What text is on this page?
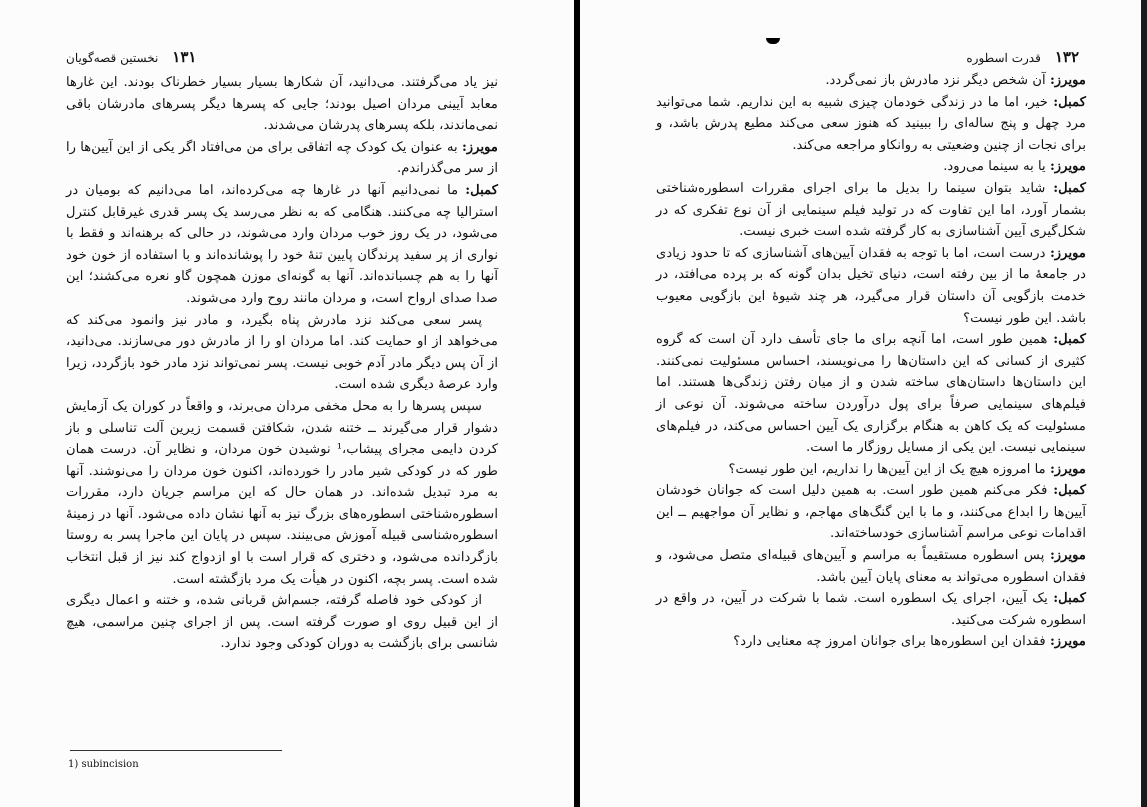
۱۳۱
نخستین قصه‌گویان

نیز یاد می‌گرفتند. می‌دانید، آن شکارها بسیار بسیار خطرناک بودند. این غارها معابد آیینی مردان اصیل بودند؛ جایی که پسرها دیگر پسرهای مادرشان باقی نمی‌ماندند، بلکه پسرهای پدرشان می‌شدند.

مویرز: به عنوان یک کودک چه اتفاقی برای من می‌افتاد اگر یکی از این آیین‌ها را از سر می‌گذراندم.

کمبل: ما نمی‌دانیم آنها در غارها چه می‌کرده‌اند، اما می‌دانیم که بومیان در استرالیا چه می‌کنند. هنگامی که به نظر می‌رسد یک پسر قدری غیرقابل کنترل می‌شود، در یک روز خوب مردان وارد می‌شوند، در حالی که برهنه‌اند و فقط با نواری از پر سفید پرندگان پایین تنهٔ خود را پوشانده‌اند و با استفاده از خون خود آنها را به هم چسبانده‌اند. آنها به گونه‌ای موزن همچون گاو نعره می‌کشند؛ این صدا صدای ارواح است، و مردان مانند روح وارد می‌شوند.

پسر سعی می‌کند نزد مادرش پناه بگیرد، و مادر نیز وانمود می‌کند که می‌خواهد از او حمایت کند. اما مردان او را از مادرش دور می‌سازند. می‌دانید، از آن پس دیگر مادر آدم خوبی نیست. پسر نمی‌تواند نزد مادر خود بازگردد، زیرا وارد عرصهٔ دیگری شده است.

سپس پسرها را به محل مخفی مردان می‌برند، و واقعاً در کوران یک آزمایش دشوار قرار می‌گیرند ــ ختنه شدن، شکافتن قسمت زیرین آلت تناسلی و باز کردن دایمی مجرای پیشاب،¹ نوشیدن خون مردان، و نظایر آن. درست همان طور که در کودکی شیر مادر را خورده‌اند، اکنون خون مردان را می‌نوشند. آنها به مرد تبدیل شده‌اند. در همان حال که این مراسم جریان دارد، مقررات اسطوره‌شناختی اسطوره‌های بزرگ نیز به آنها نشان داده می‌شود. آنها در زمینهٔ اسطوره‌شناسی قبیله آموزش می‌بینند. سپس در پایان این ماجرا پسر به روستا بازگردانده می‌شود، و دختری که قرار است با او ازدواج کند نیز از قبل انتخاب شده است. پسر بچه، اکنون در هیأت یک مرد بازگشته است.

از کودکی خود فاصله گرفته، جسم‌اش قربانی شده، و ختنه و اعمال دیگری از این قبیل روی او صورت گرفته است. پس از اجرای چنین مراسمی، هیچ شانسی برای بازگشت به دوران کودکی وجود ندارد.

1) subincision
۱۳۲
قدرت اسطوره

مویرز: آن شخص دیگر نزد مادرش باز نمی‌گردد.

کمبل: خیر، اما ما در زندگی خودمان چیزی شبیه به این نداریم. شما می‌توانید مرد چهل و پنج ساله‌ای را ببینید که هنوز سعی می‌کند مطیع پدرش باشد، و برای نجات از چنین وضعیتی به روانکاو مراجعه می‌کند.

مویرز: یا به سینما می‌رود.

کمبل: شاید بتوان سینما را بدیل ما برای اجرای مقررات اسطوره‌شناختی بشمار آورد، اما این تفاوت که در تولید فیلم سینمایی از آن نوع تفکری که در شکل‌گیری آیین آشناسازی به کار گرفته شده است خبری نیست.

مویرز: درست است، اما با توجه به فقدان آیین‌های آشناسازی که تا حدود زیادی در جامعهٔ ما از بین رفته است، دنیای تخیل بدان گونه که بر پرده می‌افتد، در خدمت بازگویی آن داستان قرار می‌گیرد، هر چند شیوهٔ این بازگویی معیوب باشد. این طور نیست؟

کمبل: همین طور است، اما آنچه برای ما جای تأسف دارد آن است که گروه کثیری از کسانی که این داستان‌ها را می‌نویسند، احساس مسئولیت نمی‌کنند. این داستان‌ها داستان‌های ساخته شدن و از میان رفتن زندگی‌ها هستند. اما فیلم‌های سینمایی صرفاً برای پول درآوردن ساخته می‌شوند. آن نوعی از مسئولیت که یک کاهن به هنگام برگزاری یک آیین احساس می‌کند، در فیلم‌های سینمایی نیست. این یکی از مسایل روزگار ما است.

مویرز: ما امروزه هیچ یک از این آیین‌ها را نداریم، این طور نیست؟

کمبل: فکر می‌کنم همین طور است. به همین دلیل است که جوانان خودشان آیین‌ها را ابداع می‌کنند، و ما با این گنگ‌های مهاجم، و نظایر آن مواجهیم ــ این اقدامات نوعی مراسم آشناسازی خودساخته‌اند.

مویرز: پس اسطوره مستقیماً به مراسم و آیین‌های قبیله‌ای متصل می‌شود، و فقدان اسطوره می‌تواند به معنای پایان آیین باشد.

کمبل: یک آیین، اجرای یک اسطوره است. شما با شرکت در آیین، در واقع در اسطوره شرکت می‌کنید.

مویرز: فقدان این اسطوره‌ها برای جوانان امروز چه معنایی دارد؟
